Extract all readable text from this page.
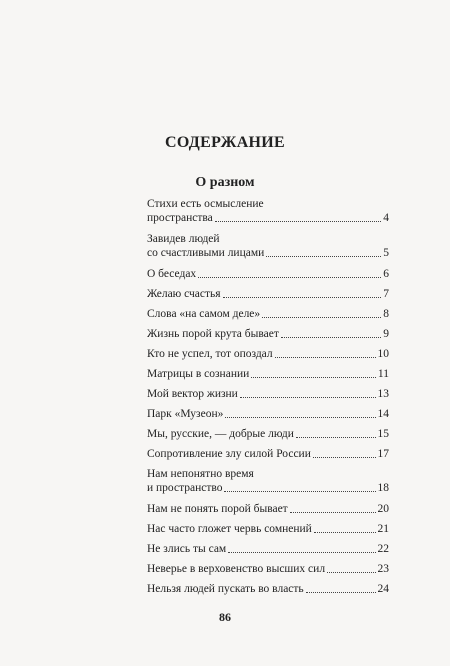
СОДЕРЖАНИЕ
О разном
Стихи есть осмысление
пространства	4
Завидев людей
со счастливыми лицами	5
О беседах	6
Желаю счастья	7
Слова «на самом деле»	8
Жизнь порой крута бывает	9
Кто не успел, тот опоздал	10
Матрицы в сознании	11
Мой вектор жизни	13
Парк «Музеон»	14
Мы, русские, — добрые люди	15
Сопротивление злу силой России	17
Нам непонятно время
и пространство	18
Нам не понять порой бывает	20
Нас часто гложет червь сомнений	21
Не злись ты сам	22
Неверье в верховенство высших сил	23
Нельзя людей пускать во власть	24
86
